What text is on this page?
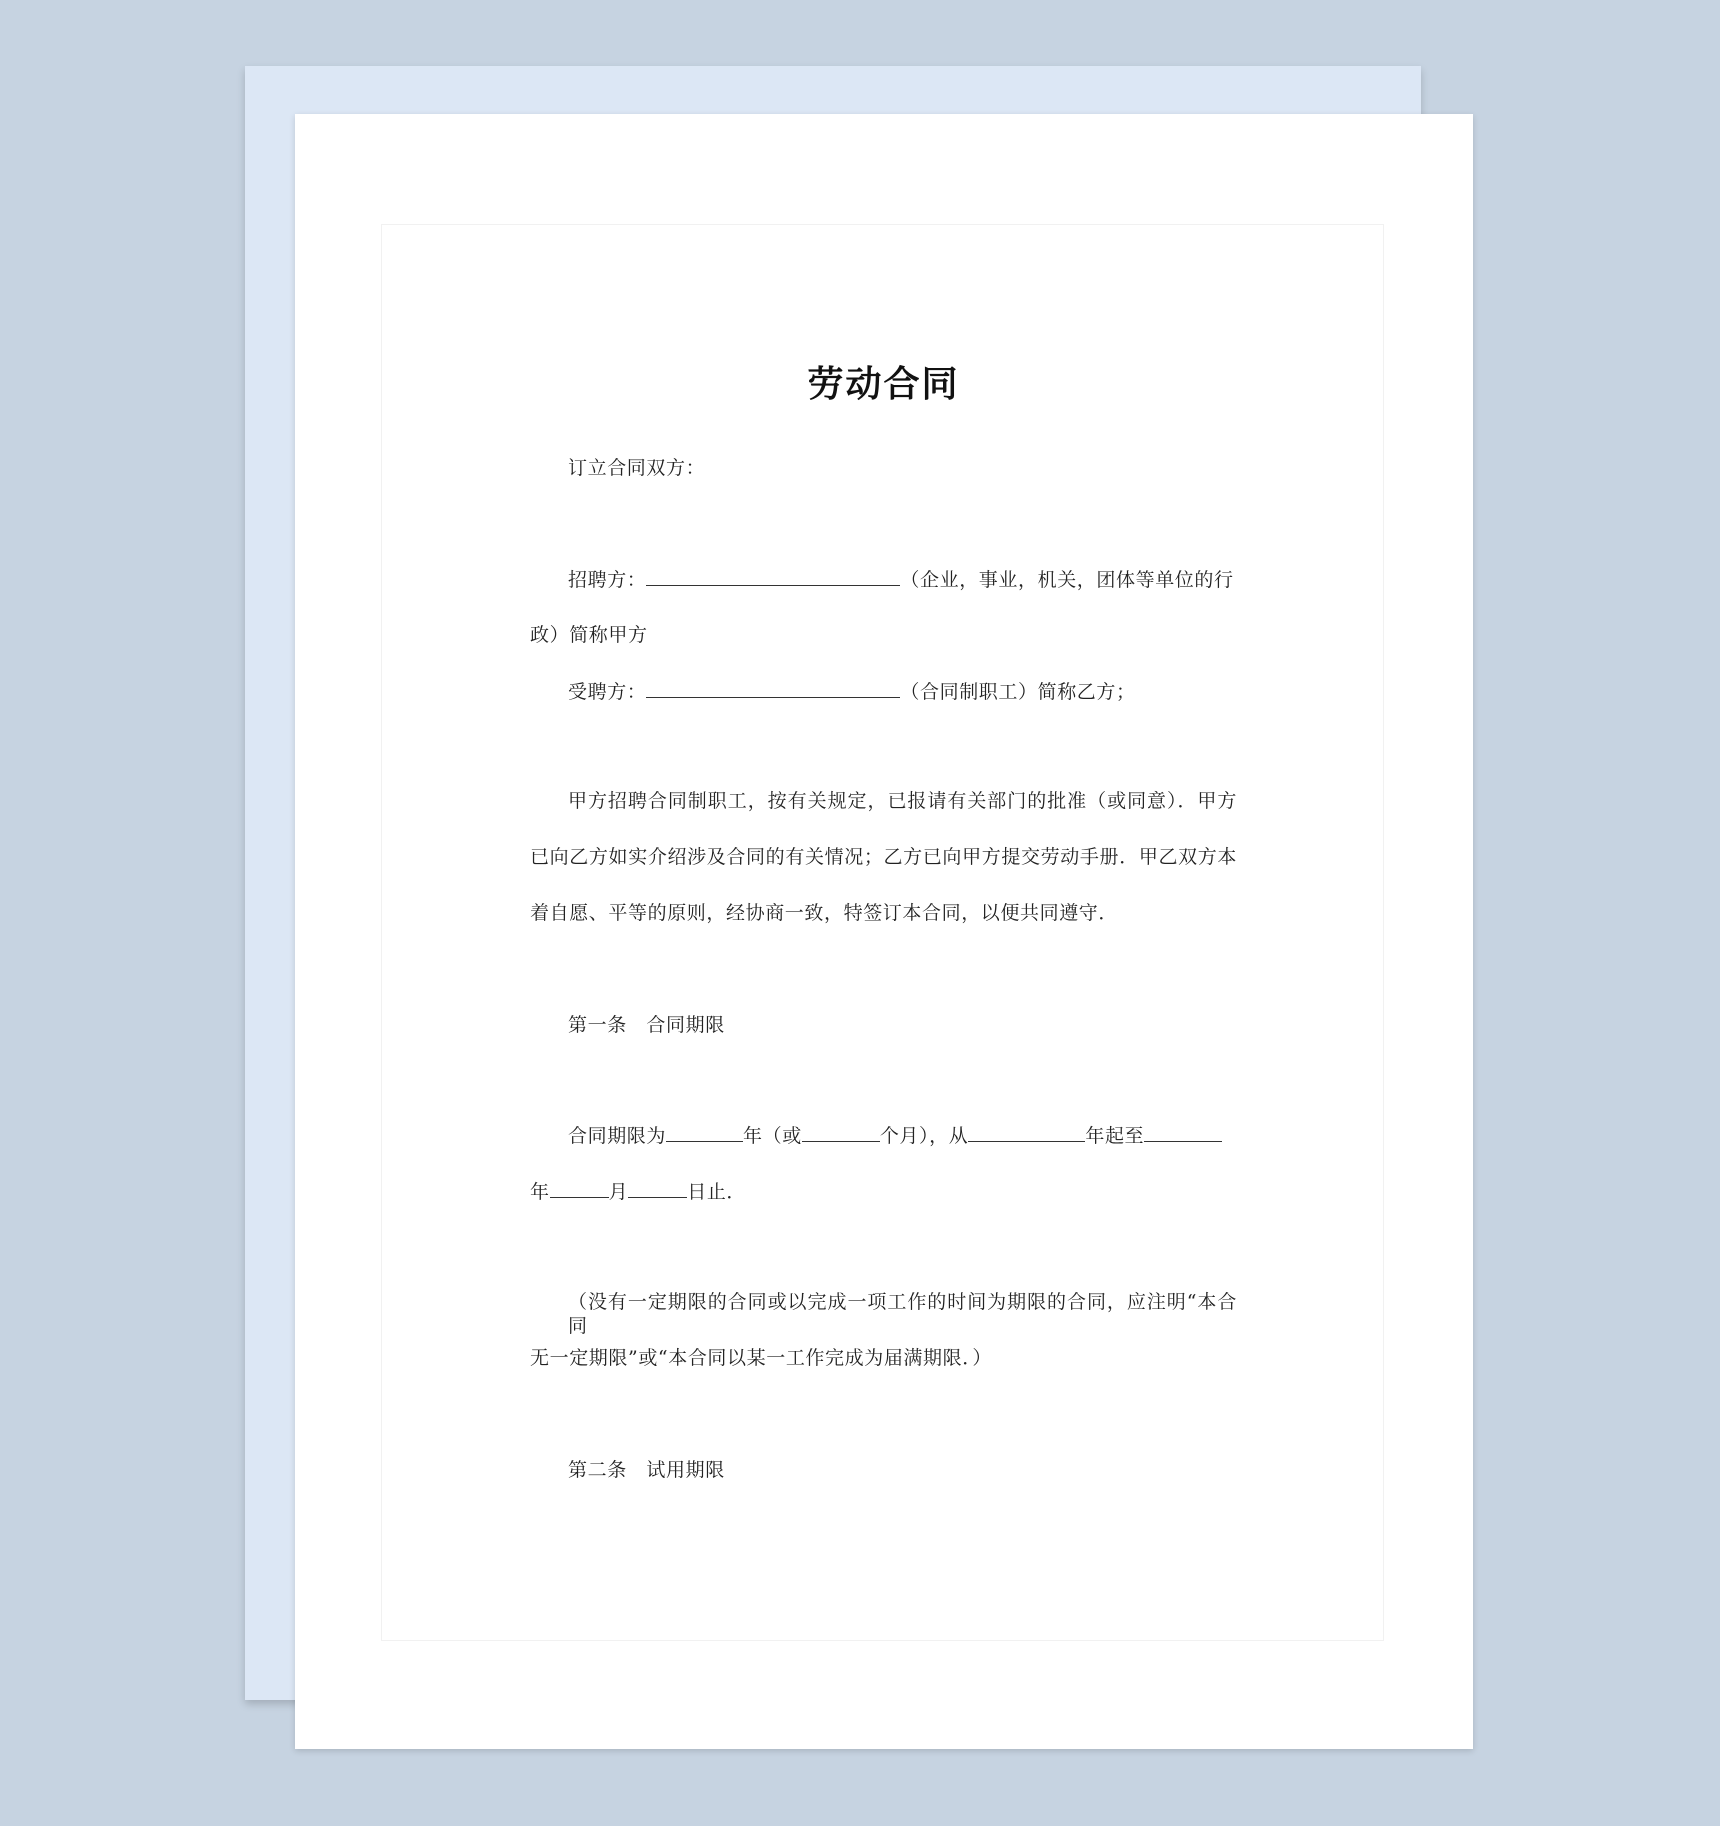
劳动合同
订立合同双方：
招聘方：	（企业，事业，机关，团体等单位的行
政）简称甲方
受聘方：	（合同制职工）简称乙方；
甲方招聘合同制职工，按有关规定，已报请有关部门的批准（或同意）．甲方
已向乙方如实介绍涉及合同的有关情况；乙方已向甲方提交劳动手册．甲乙双方本
着自愿、平等的原则，经协商一致，特签订本合同，以便共同遵守．
第一条　合同期限
合同期限为	年（或	个月），从	年起至
年	月	日止．
（没有一定期限的合同或以完成一项工作的时间为期限的合同，应注明“本合同
无一定期限”或“本合同以某一工作完成为届满期限．）
第二条　试用期限
